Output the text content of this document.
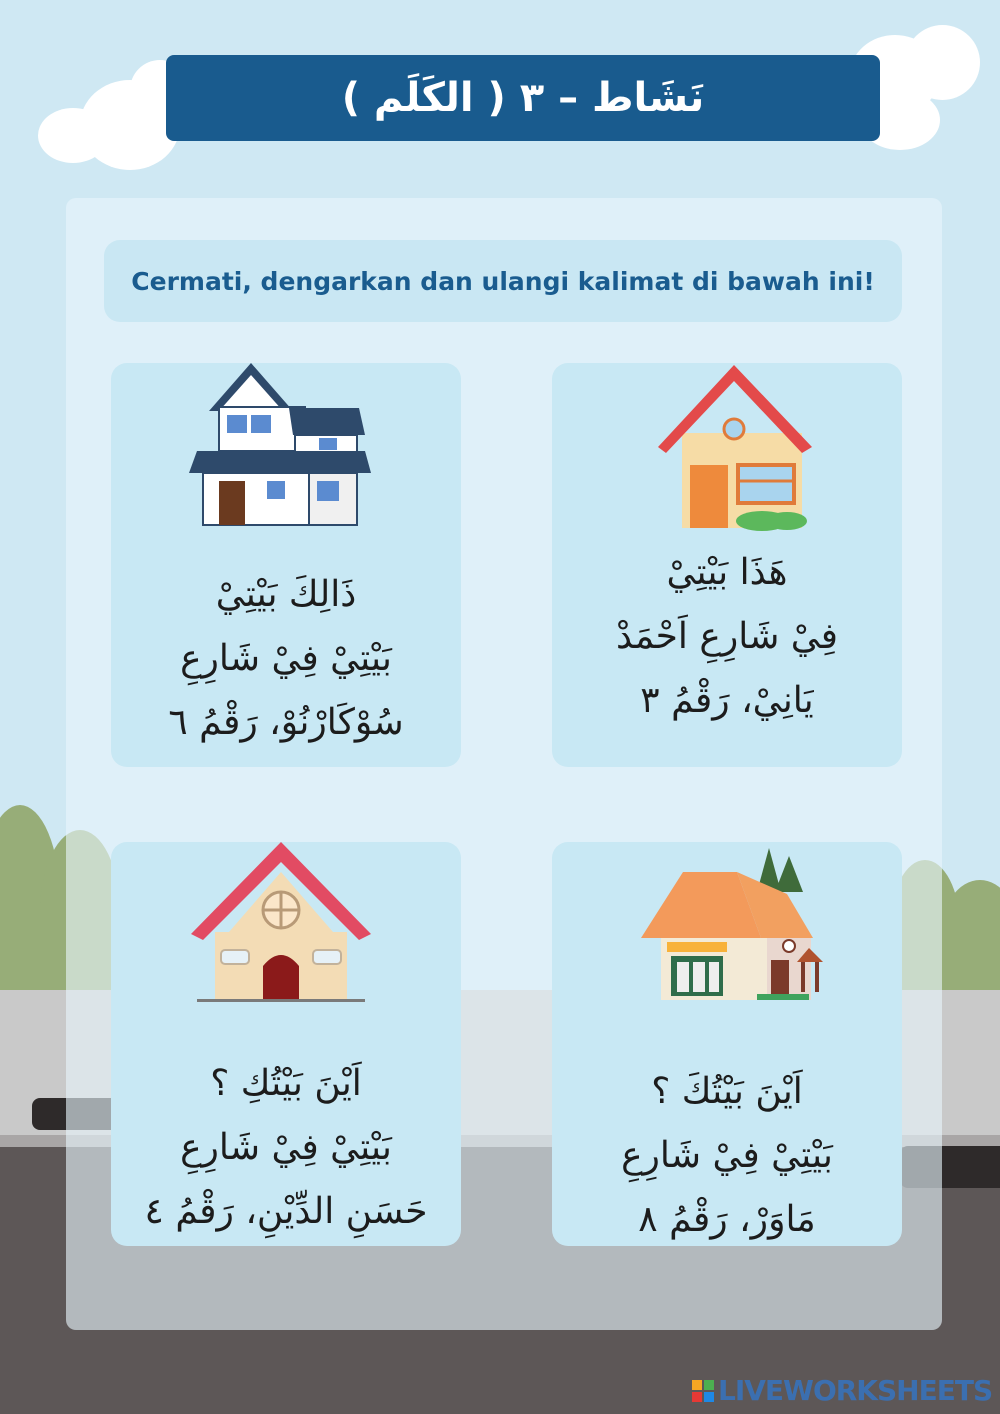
نَشَاط – ٣ ( الكَلَم )
Cermati, dengarkan dan ulangi kalimat di bawah ini!
ذَالِكَ بَيْتِيْ
بَيْتِيْ فِيْ شَارِعِ
سُوْكَارْنُوْ، رَقْمُ ٦
هَذَا بَيْتِيْ
فِيْ شَارِعِ اَحْمَدْ
يَانِيْ، رَقْمُ ٣
اَيْنَ بَيْتُكِ ؟
بَيْتِيْ فِيْ شَارِعِ
حَسَنِ الدِّيْنِ، رَقْمُ ٤
اَيْنَ بَيْتُكَ ؟
بَيْتِيْ فِيْ شَارِعِ
مَاوَرْ، رَقْمُ ٨
LIVEWORKSHEETS
